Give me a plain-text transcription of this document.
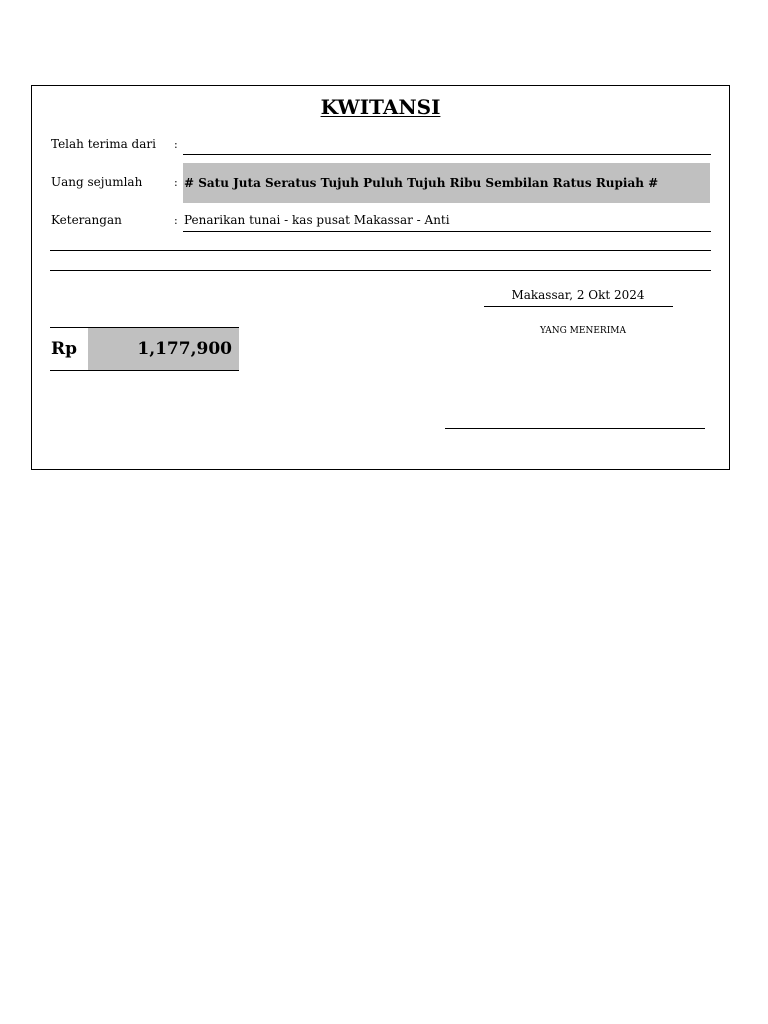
KWITANSI
Telah terima dari :
Uang sejumlah	: # Satu Juta Seratus Tujuh Puluh Tujuh Ribu Sembilan Ratus Rupiah #
Keterangan	: Penarikan tunai - kas pusat Makassar - Anti
Makassar, 2 Okt 2024
YANG MENERIMA
Rp	1,177,900
